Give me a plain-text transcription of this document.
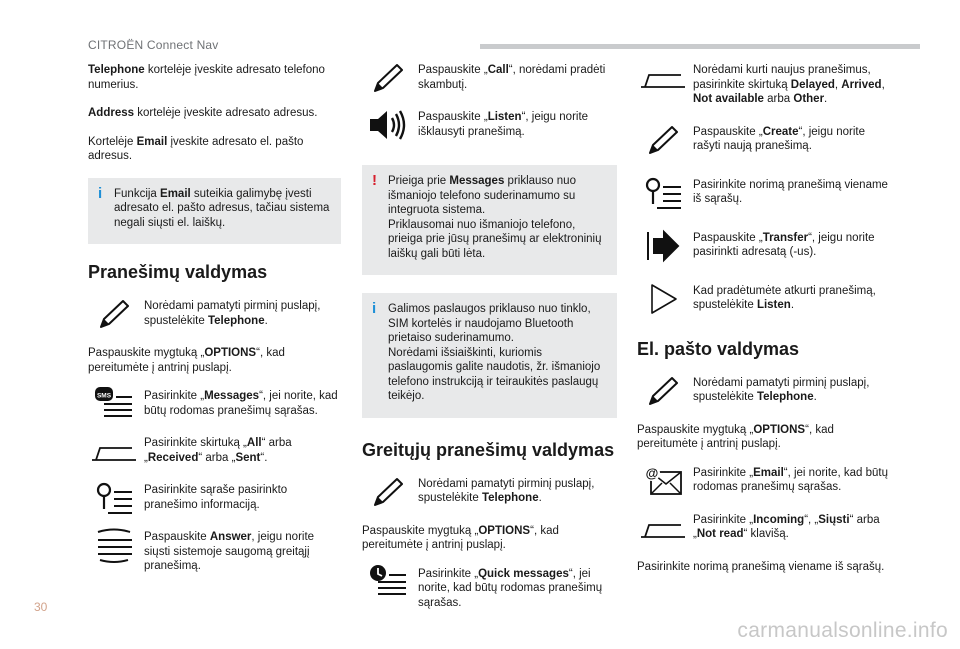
CITROËN Connect Nav

Telephone kortelėje įveskite adresato telefono numerius.

Address kortelėje įveskite adresato adresus.

Kortelėje Email įveskite adresato el. pašto adresus.

i	Funkcija Email suteikia galimybę įvesti adresato el. pašto adresus, tačiau sistema negali siųsti el. laiškų.
Pranešimų valdymas
Norėdami pamatyti pirminį puslapį, spustelėkite Telephone.

Paspauskite mygtuką „OPTIONS“, kad pereitumėte į antrinį puslapį.

SMS	Pasirinkite „Messages“, jei norite, kad būtų rodomas pranešimų sąrašas.
Pasirinkite skirtuką „All“ arba „Received“ arba „Sent“.
Pasirinkite sąraše pasirinkto pranešimo informaciją.
Paspauskite Answer, jeigu norite siųsti sistemoje saugomą greitąjį pranešimą.
Paspauskite „Call“, norėdami pradėti skambutį.
Paspauskite „Listen“, jeigu norite išklausyti pranešimą.
! Prieiga prie Messages priklauso nuo išmaniojo telefono suderinamumo su integruota sistema.
Priklausomai nuo išmaniojo telefono, prieiga prie jūsų pranešimų ar elektroninių laiškų gali būti lėta.
i	Galimos paslaugos priklauso nuo tinklo, SIM kortelės ir naudojamo Bluetooth prietaiso suderinamumo.
Norėdami išsiaiškinti, kuriomis paslaugomis galite naudotis, žr. išmaniojo telefono instrukciją ir teiraukitės paslaugų teikėjo.
Greitųjų pranešimų valdymas
Norėdami pamatyti pirminį puslapį, spustelėkite Telephone.

Paspauskite mygtuką „OPTIONS“, kad pereitumėte į antrinį puslapį.

Pasirinkite „Quick messages“, jei norite, kad būtų rodomas pranešimų sąrašas.
Norėdami kurti naujus pranešimus, pasirinkite skirtuką Delayed, Arrived, Not available arba Other.
Paspauskite „Create“, jeigu norite rašyti naują pranešimą.
Pasirinkite norimą pranešimą viename iš sąrašų.
Paspauskite „Transfer“, jeigu norite pasirinkti adresatą (-us).
Kad pradėtumėte atkurti pranešimą, spustelėkite Listen.
El. pašto valdymas
Norėdami pamatyti pirminį puslapį, spustelėkite Telephone.

Paspauskite mygtuką „OPTIONS“, kad pereitumėte į antrinį puslapį.

@	Pasirinkite „Email“, jei norite, kad būtų rodomas pranešimų sąrašas.
Pasirinkite „Incoming“, „Siųsti“ arba „Not read“ klavišą.

Pasirinkite norimą pranešimą viename iš sąrašų.

30
carmanualsonline.info
